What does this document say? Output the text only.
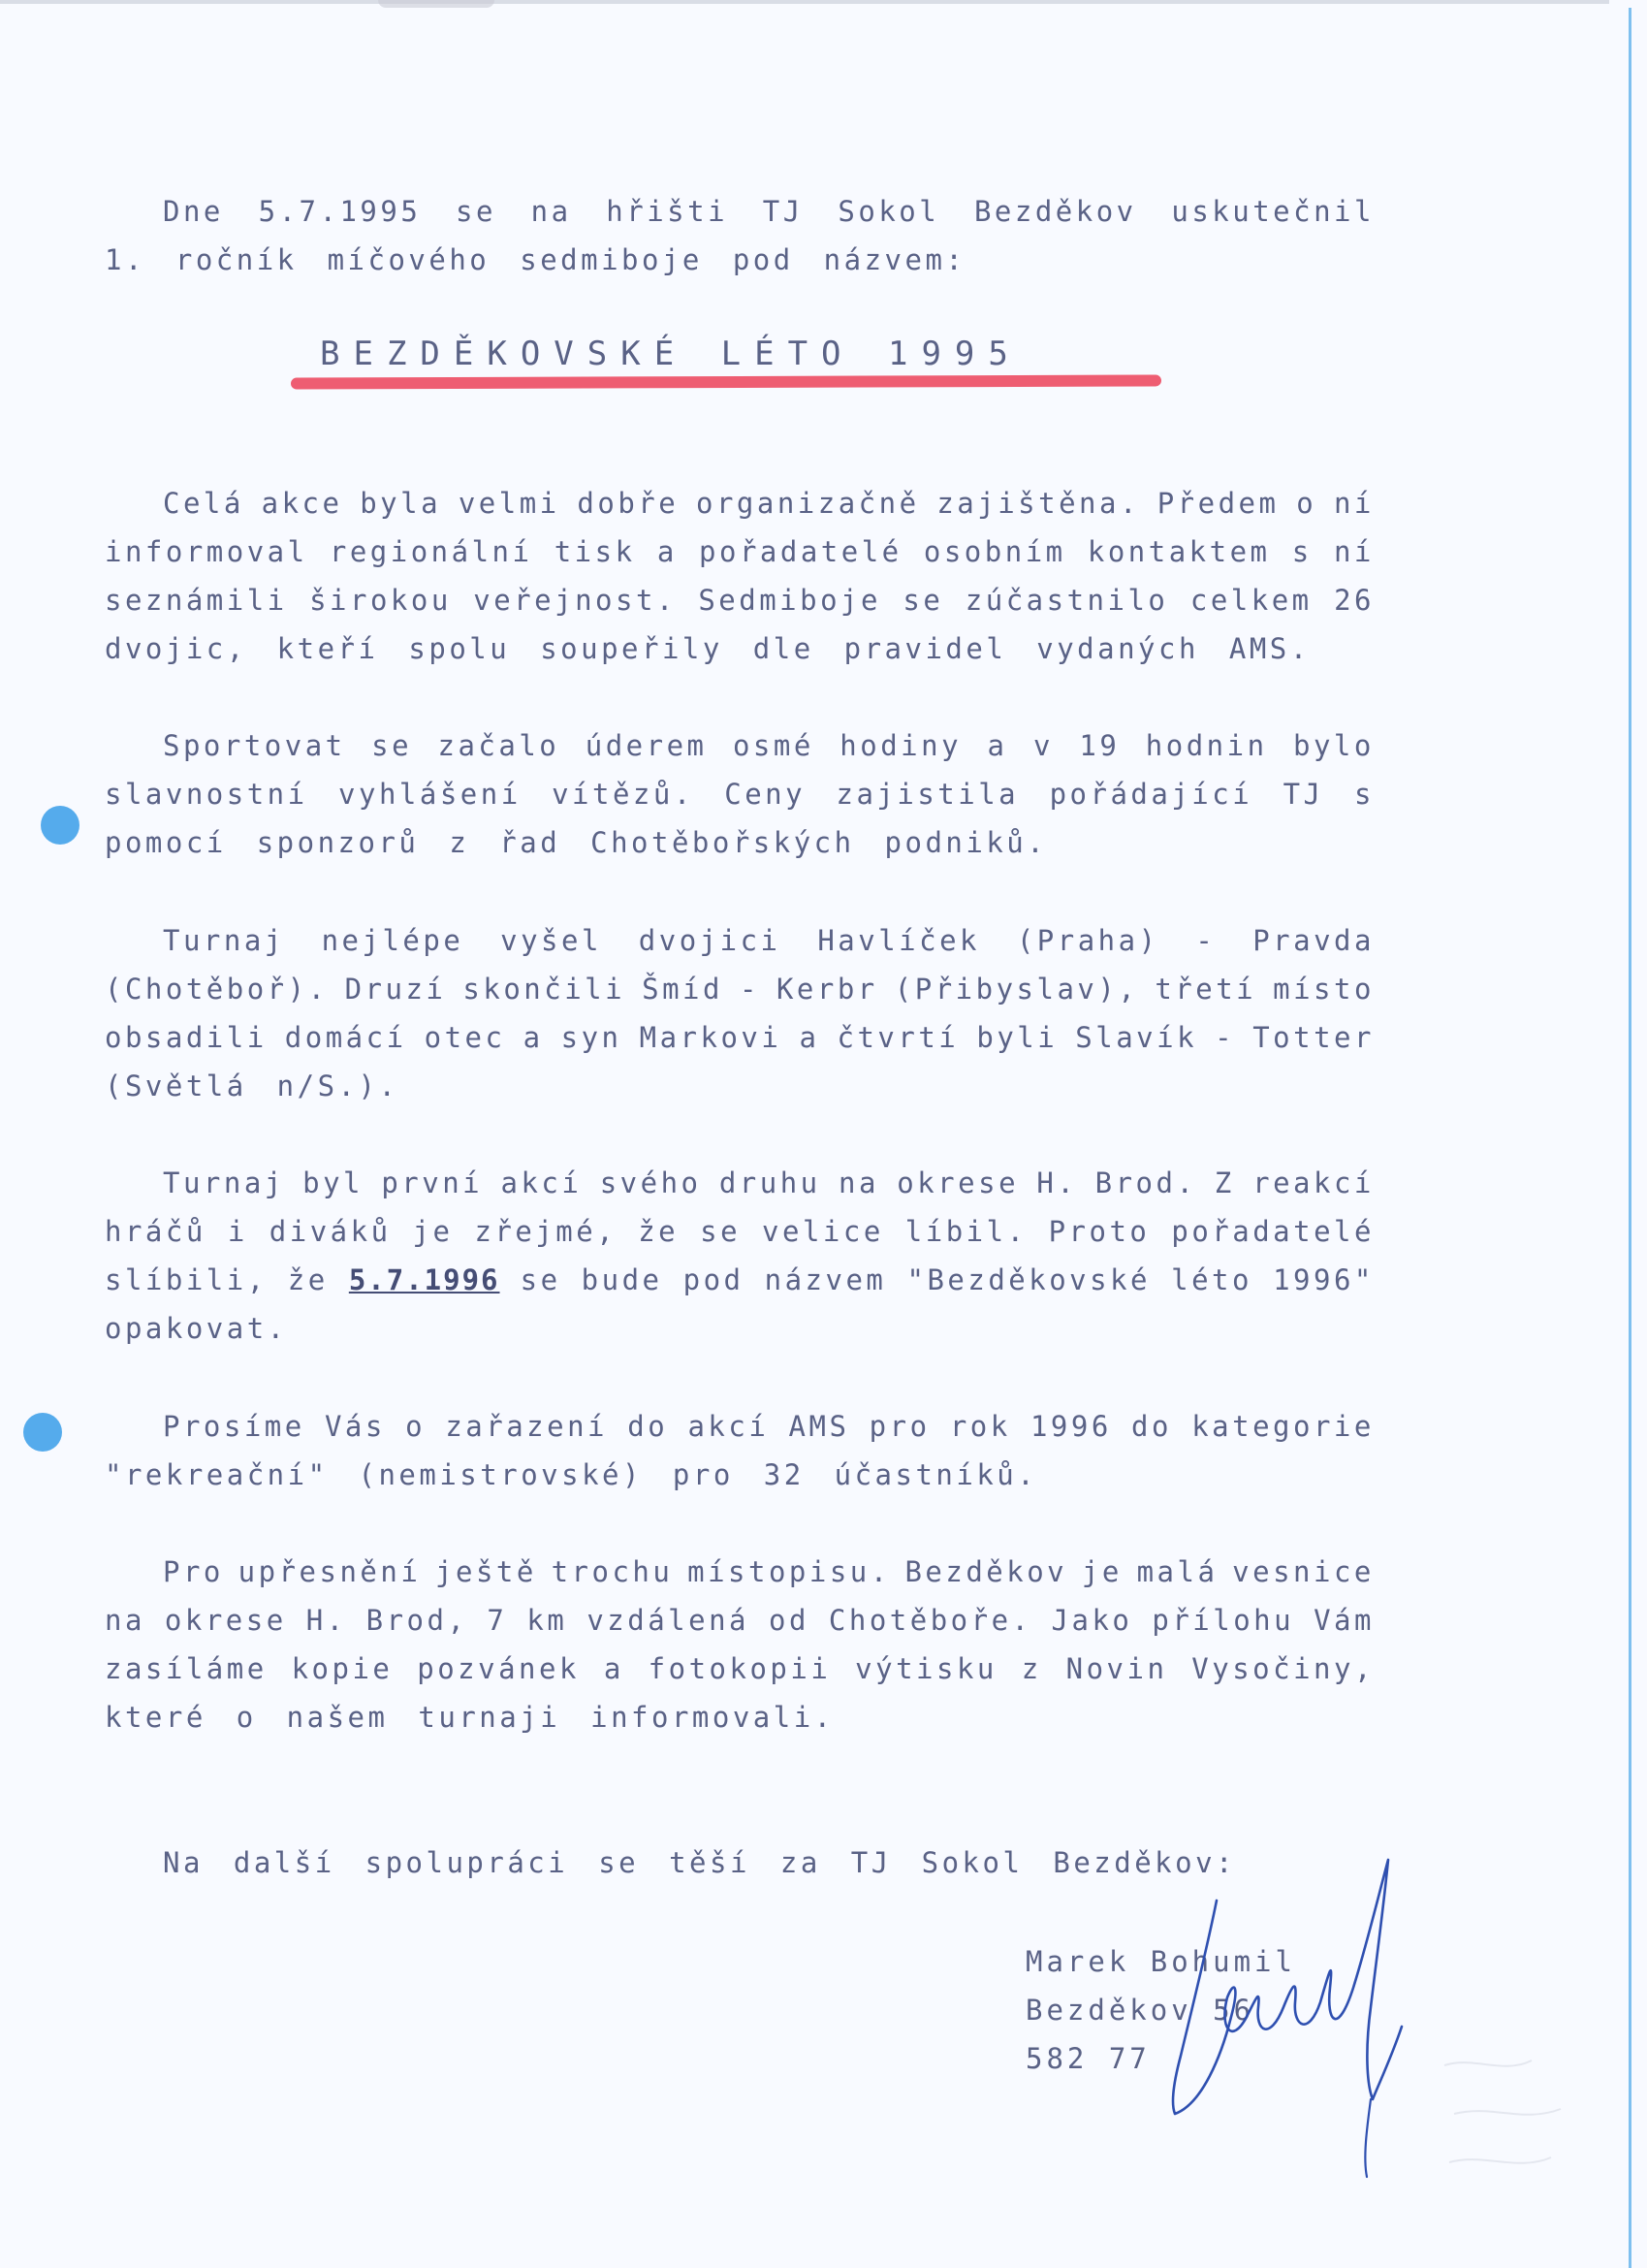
Dne 5.7.1995 se na hřišti TJ Sokol Bezděkov uskutečnil
1. ročník míčového sedmiboje pod názvem:
BEZDĚKOVSKÉ LÉTO 1995
Celá akce byla velmi dobře organizačně zajištěna. Předem o ní
informoval regionální tisk a pořadatelé osobním kontaktem s ní
seznámili širokou veřejnost. Sedmiboje se zúčastnilo celkem 26
dvojic, kteří spolu soupeřily dle pravidel vydaných AMS.
Sportovat se začalo úderem osmé hodiny a v 19 hodnin bylo
slavnostní vyhlášení vítězů. Ceny zajistila pořádající TJ s
pomocí sponzorů z řad Chotěbořských podniků.
Turnaj nejlépe vyšel dvojici Havlíček (Praha) - Pravda
(Chotěboř). Druzí skončili Šmíd - Kerbr (Přibyslav), třetí místo
obsadili domácí otec a syn Markovi a čtvrtí byli Slavík - Totter
(Světlá n/S.).
Turnaj byl první akcí svého druhu na okrese H. Brod. Z reakcí
hráčů i diváků je zřejmé, že se velice líbil. Proto pořadatelé
slíbili, že 5.7.1996 se bude pod názvem "Bezděkovské léto 1996"
opakovat.
Prosíme Vás o zařazení do akcí AMS pro rok 1996 do kategorie
"rekreační" (nemistrovské) pro 32 účastníků.
Pro upřesnění ještě trochu místopisu. Bezděkov je malá vesnice
na okrese H. Brod, 7 km vzdálená od Chotěboře. Jako přílohu Vám
zasíláme kopie pozvánek a fotokopii výtisku z Novin Vysočiny,
které o našem turnaji informovali.
Na další spolupráci se těší za TJ Sokol Bezděkov:
Marek Bohumil
Bezděkov 56
582 77
